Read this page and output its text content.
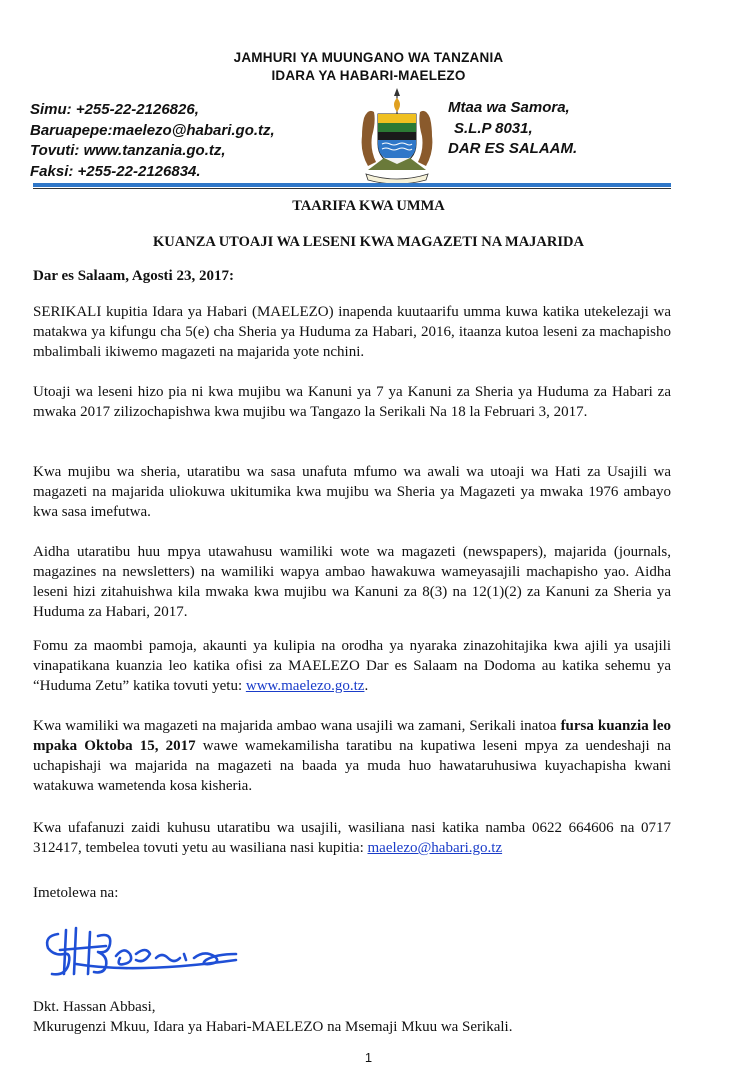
JAMHURI YA MUUNGANO WA TANZANIA
IDARA YA HABARI-MAELEZO
Simu: +255-22-2126826,
Baruapepe:maelezo@habari.go.tz,
Tovuti: www.tanzania.go.tz,
Faksi: +255-22-2126834.
Mtaa wa Samora,
S.L.P 8031,
DAR ES SALAAM.
TAARIFA KWA UMMA
KUANZA UTOAJI WA LESENI KWA MAGAZETI NA MAJARIDA
Dar es Salaam, Agosti 23, 2017:

SERIKALI kupitia Idara ya Habari (MAELEZO) inapenda kuutaarifu umma kuwa katika utekelezaji wa matakwa ya kifungu cha 5(e) cha Sheria ya Huduma za Habari, 2016, itaanza kutoa leseni za machapisho mbalimbali ikiwemo magazeti na majarida yote nchini.

Utoaji wa leseni hizo pia ni kwa mujibu wa Kanuni ya 7 ya Kanuni za Sheria ya Huduma za Habari za mwaka 2017 zilizochapishwa kwa mujibu wa Tangazo la Serikali Na 18 la Februari 3, 2017.

Kwa mujibu wa sheria, utaratibu wa sasa unafuta mfumo wa awali wa utoaji wa Hati za Usajili wa magazeti na majarida uliokuwa ukitumika kwa mujibu wa Sheria ya Magazeti ya mwaka 1976 ambayo kwa sasa imefutwa.

Aidha utaratibu huu mpya utawahusu wamiliki wote wa magazeti (newspapers), majarida (journals, magazines na newsletters) na wamiliki wapya ambao hawakuwa wameyasajili machapisho yao. Aidha leseni hizi zitahuishwa kila mwaka kwa mujibu wa Kanuni za 8(3) na 12(1)(2) za Kanuni za Sheria ya Huduma za Habari, 2017.

Fomu za maombi pamoja, akaunti ya kulipia na orodha ya nyaraka zinazohitajika kwa ajili ya usajili vinapatikana kuanzia leo katika ofisi za MAELEZO Dar es Salaam na Dodoma au katika sehemu ya “Huduma Zetu” katika tovuti yetu: www.maelezo.go.tz.

Kwa wamiliki wa magazeti na majarida ambao wana usajili wa zamani, Serikali inatoa fursa kuanzia leo mpaka Oktoba 15, 2017 wawe wamekamilisha taratibu na kupatiwa leseni mpya za uendeshaji na uchapishaji wa majarida na magazeti na baada ya muda huo hawataruhusiwa kuyachapisha kwani watakuwa wametenda kosa kisheria.

Kwa ufafanuzi zaidi kuhusu utaratibu wa usajili, wasiliana nasi katika namba 0622 664606 na 0717 312417, tembelea tovuti yetu au wasiliana nasi kupitia: maelezo@habari.go.tz

Imetolewa na:
Dkt. Hassan Abbasi,
Mkurugenzi Mkuu, Idara ya Habari-MAELEZO na Msemaji Mkuu wa Serikali.
1
